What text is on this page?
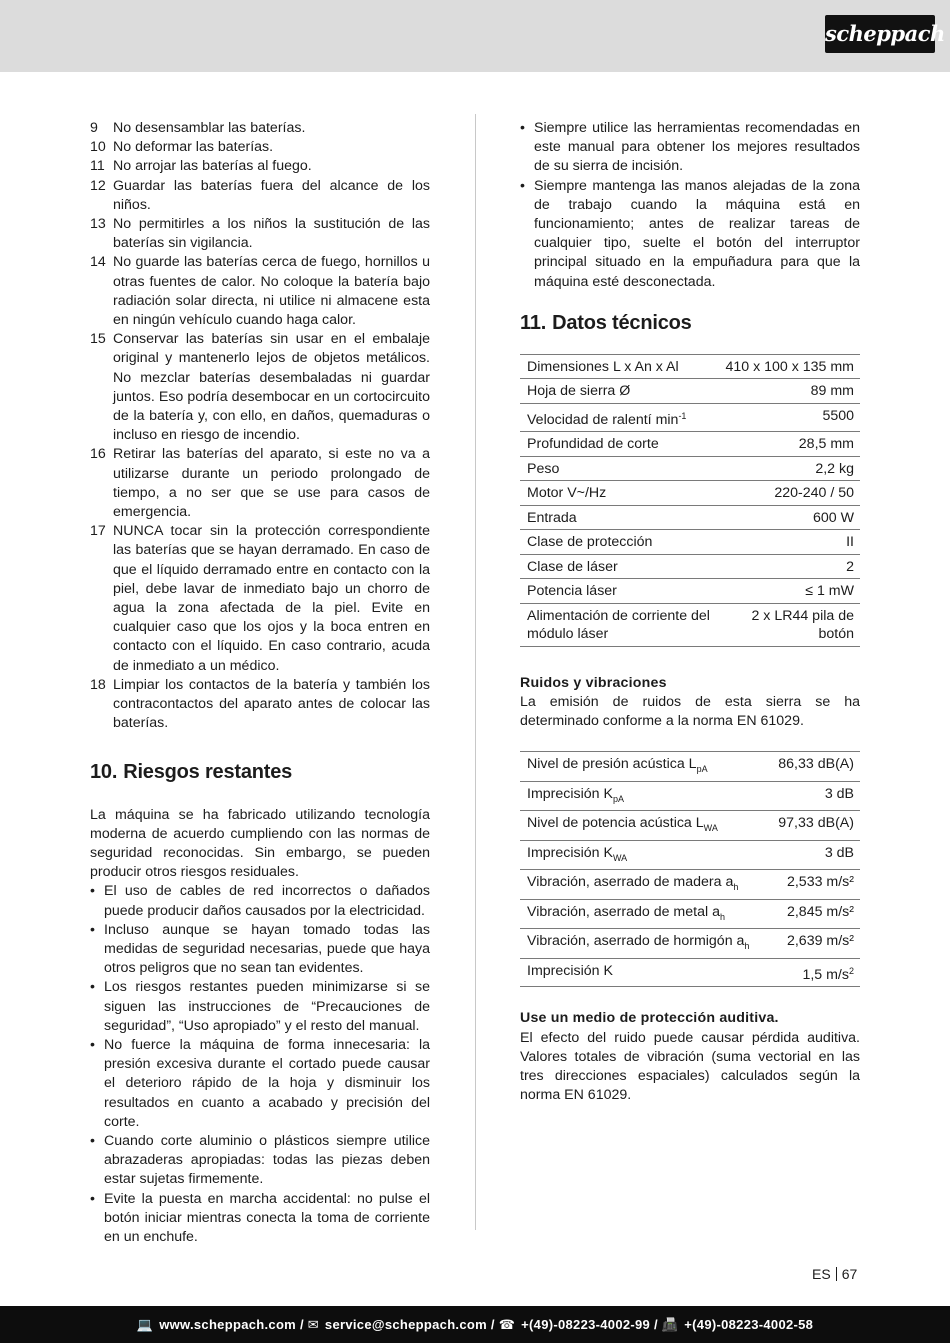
scheppach
9	No desensamblar las baterías.
10 No deformar las baterías.
11 No arrojar las baterías al fuego.
12 Guardar las baterías fuera del alcance de los niños.
13 No permitirles a los niños la sustitución de las baterías sin vigilancia.
14 No guarde las baterías cerca de fuego, hornillos u otras fuentes de calor. No coloque la batería bajo radiación solar directa, ni utilice ni almacene esta en ningún vehículo cuando haga calor.
15 Conservar las baterías sin usar en el embalaje original y mantenerlo lejos de objetos metálicos. No mezclar baterías desembaladas ni guardar juntos. Eso podría desembocar en un cortocircuito de la batería y, con ello, en daños, quemaduras o incluso en riesgo de incendio.
16 Retirar las baterías del aparato, si este no va a utilizarse durante un periodo prolongado de tiempo, a no ser que se use para casos de emergencia.
17 NUNCA tocar sin la protección correspondiente las baterías que se hayan derramado. En caso de que el líquido derramado entre en contacto con la piel, debe lavar de inmediato bajo un chorro de agua la zona afectada de la piel. Evite en cualquier caso que los ojos y la boca entren en contacto con el líquido. En caso contrario, acuda de inmediato a un médico.
18 Limpiar los contactos de la batería y también los contracontactos del aparato antes de colocar las baterías.
10. Riesgos restantes

La máquina se ha fabricado utilizando tecnología moderna de acuerdo cumpliendo con las normas de seguridad reconocidas. Sin embargo, se pueden producir otros riesgos residuales.

• El uso de cables de red incorrectos o dañados puede producir daños causados por la electricidad.
• Incluso aunque se hayan tomado todas las medidas de seguridad necesarias, puede que haya otros peligros que no sean tan evidentes.
• Los riesgos restantes pueden minimizarse si se siguen las instrucciones de “Precauciones de seguridad”, “Uso apropiado” y el resto del manual.
• No fuerce la máquina de forma innecesaria: la presión excesiva durante el cortado puede causar el deterioro rápido de la hoja y disminuir los resultados en cuanto a acabado y precisión del corte.
• Cuando corte aluminio o plásticos siempre utilice abrazaderas apropiadas: todas las piezas deben estar sujetas firmemente.
• Evite la puesta en marcha accidental: no pulse el botón iniciar mientras conecta la toma de corriente en un enchufe.
• Siempre utilice las herramientas recomendadas en este manual para obtener los mejores resultados de su sierra de incisión.
• Siempre mantenga las manos alejadas de la zona de trabajo cuando la máquina está en funcionamiento; antes de realizar tareas de cualquier tipo, suelte el botón del interruptor principal situado en la empuñadura para que la máquina esté desconectada.
11. Datos técnicos
Dimensiones L x An x Al	410 x 100 x 135 mm
Hoja de sierra Ø	89 mm
Velocidad de ralentí $\min^{-1}$	5500
Profundidad de corte	28,5 mm
Peso	2,2 kg
Motor V~/Hz	220-240 / 50
Entrada	600 W
Clase de protección	II
Clase de láser	2
Potencia láser	≤ 1 mW
Alimentación de corriente del módulo láser	2 x LR44 pila de botón
Ruidos y vibraciones

La emisión de ruidos de esta sierra se ha determinado conforme a la norma EN 61029.

Nivel de presión acústica $L_{pA}$	86,33 dB(A)
Imprecisión $K_{pA}$	3 dB
Nivel de potencia acústica $L_{WA}$	97,33 dB(A)
Imprecisión $K_{WA}$	3 dB
Vibración, aserrado de madera $a_h$	2,533 m/s²
Vibración, aserrado de metal $a_h$	2,845 m/s²
Vibración, aserrado de hormigón $a_h$	2,639 m/s²
Imprecisión K	1,5 $m/s^2$
Use un medio de protección auditiva.

El efecto del ruido puede causar pérdida auditiva. Valores totales de vibración (suma vectorial en las tres direcciones espaciales) calculados según la norma EN 61029.

ES 67
💻 www.scheppach.com / ✉ service@scheppach.com / ☎ +(49)-08223-4002-99 / 📠 +(49)-08223-4002-58
